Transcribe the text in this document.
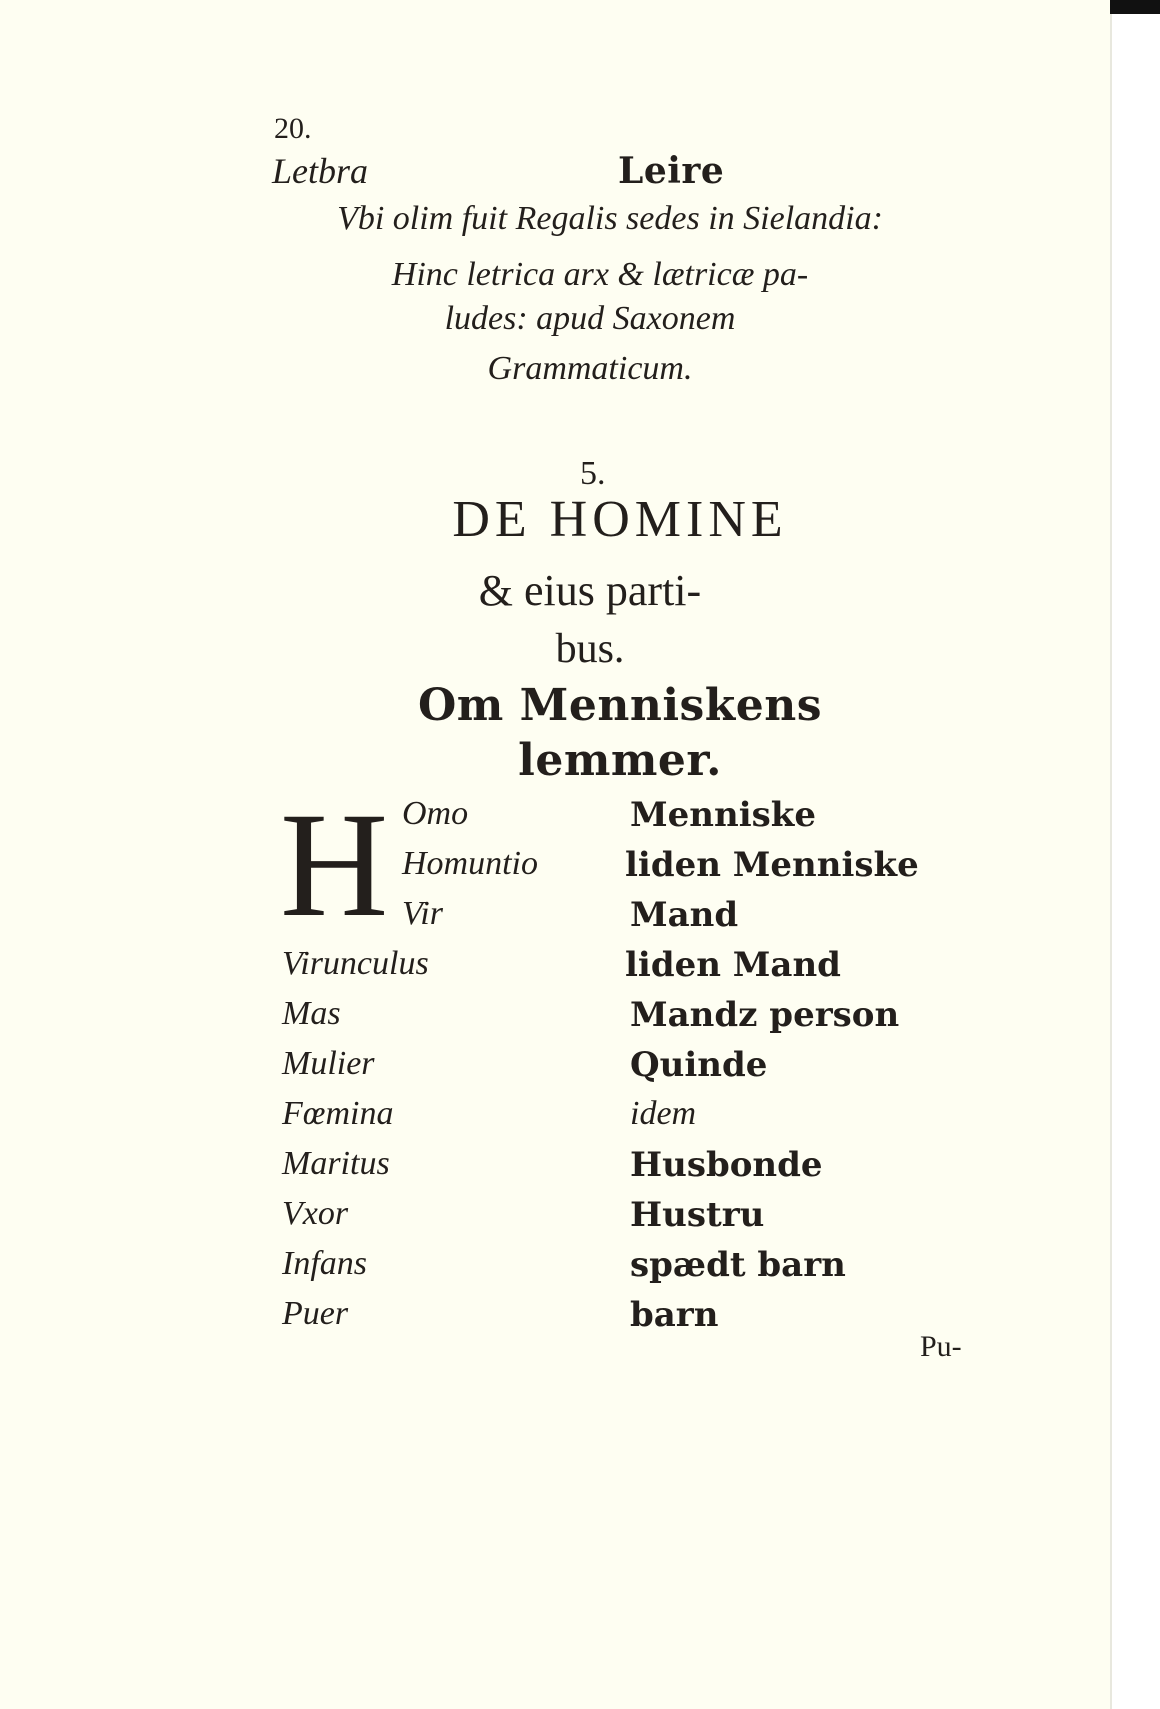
20.
Letbra	Leire
Vbi olim fuit Regalis sedes in Sielandia:
Hinc letrica arx & lætricæ pa-
ludes: apud Saxonem
Grammaticum.
5.
DE HOMINE
& eius parti-
bus.
Om Menniskens
lemmer.
H Omo	Menniske
Homuntio	liden Menniske
Vir	Mand
Virunculus	liden Mand
Mas	Mandz person
Mulier	Quinde
Fœmina	idem
Maritus	Husbonde
Vxor	Hustru
Infans	spædt barn
Puer	barn
Pu-
